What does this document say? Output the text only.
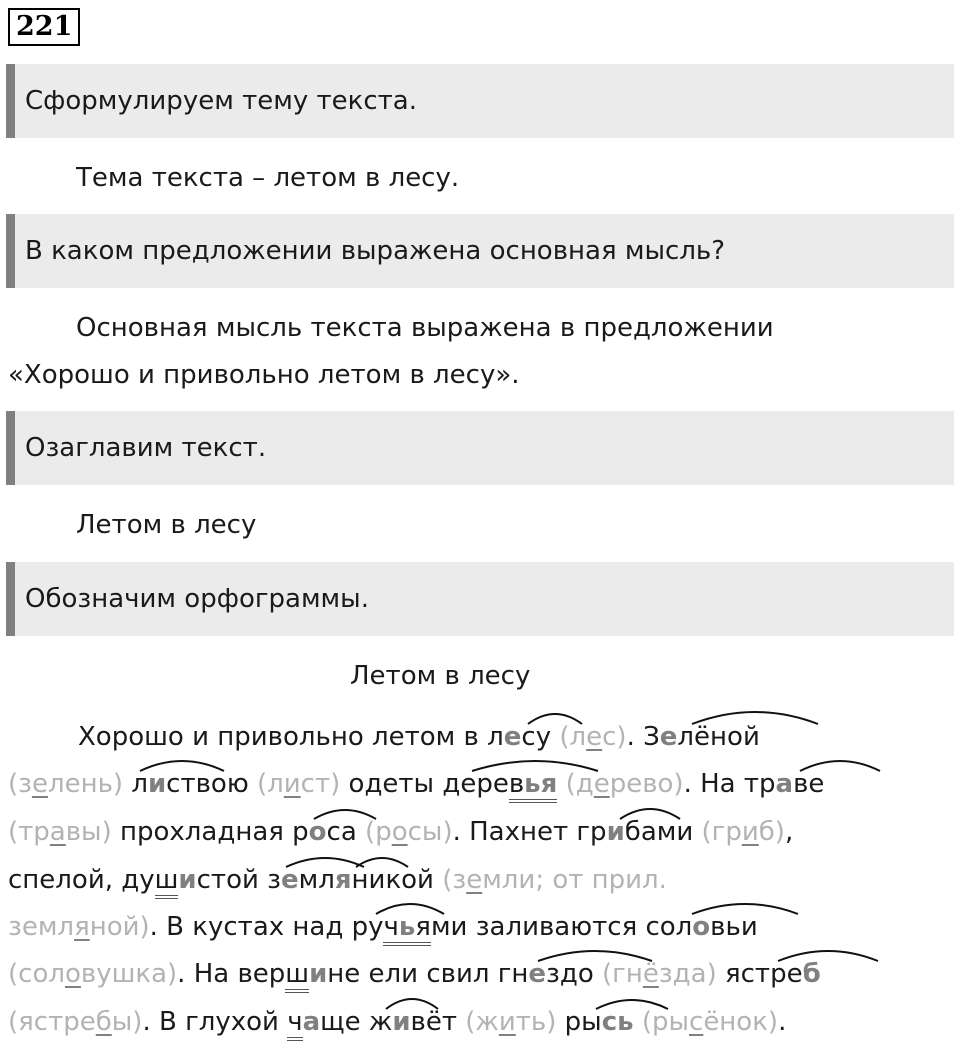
221
Сформулируем тему текста.
Тема текста – летом в лесу.
В каком предложении выражена основная мысль?
Основная мысль текста выражена в предложении
«Хорошо и привольно летом в лесу».
Озаглавим текст.
Летом в лесу
Обозначим орфограммы.
Летом в лесу
Хорошо и привольно летом в лесу (лес). Зелёной
(зелень) листвою (лист) одеты деревья (дерево). На траве
(травы) прохладная роса (росы). Пахнет грибами (гриб),
спелой, душистой земляникой (земли; от прил.
земляной). В кустах над ручьями заливаются соловьи
(соловушка). На вершине ели свил гнездо (гнёзда) ястреб
(ястребы). В глухой чаще живёт (жить) рысь (рысёнок).
